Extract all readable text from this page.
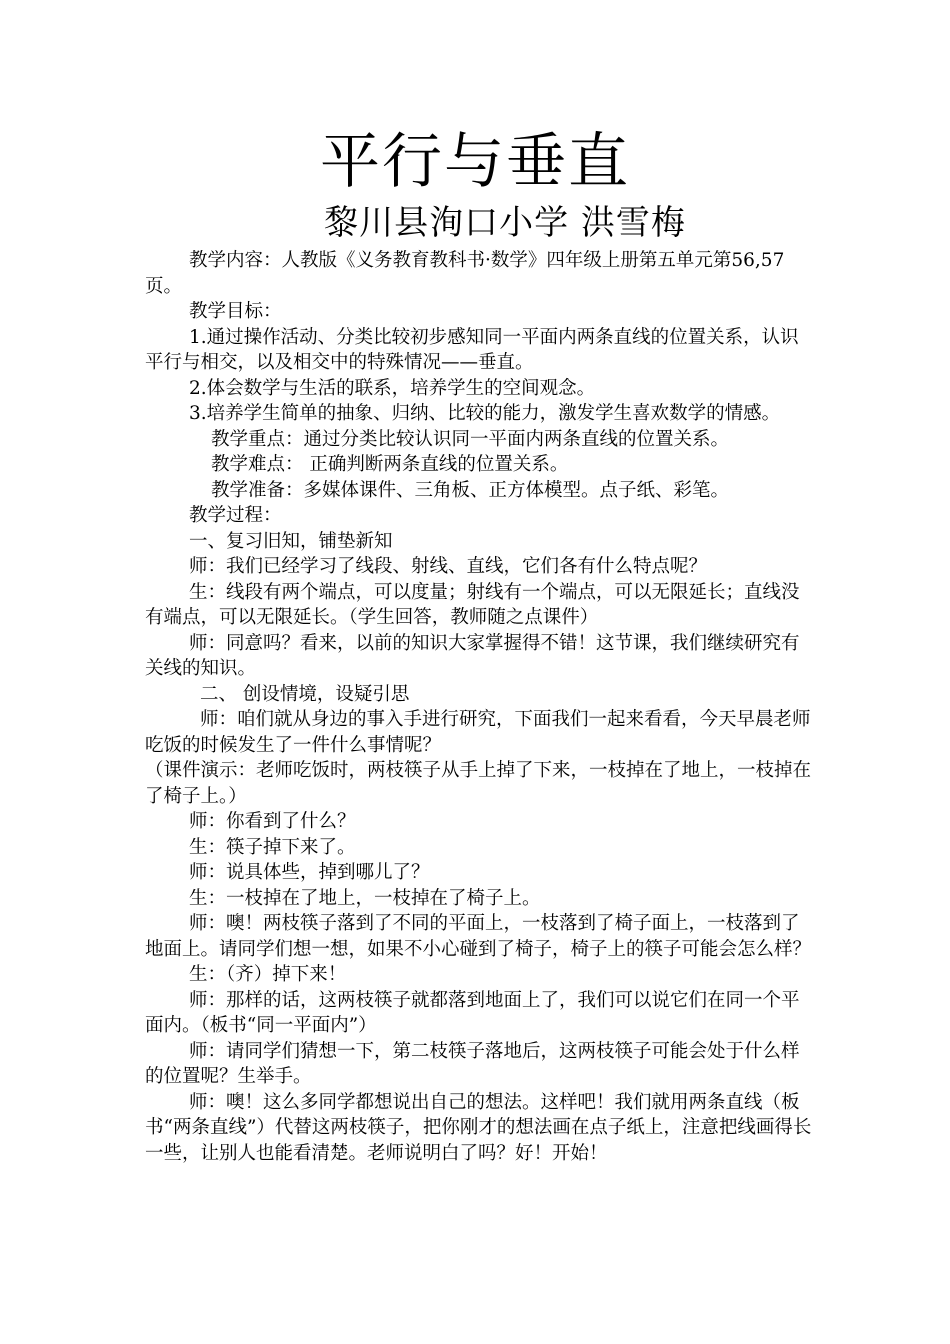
平行与垂直
黎川县洵口小学 洪雪梅

教学内容：人教版《义务教育教科书·数学》四年级上册第五单元第56,57页。

教学目标：

1.通过操作活动、分类比较初步感知同一平面内两条直线的位置关系，认识平行与相交，以及相交中的特殊情况——垂直。

2.体会数学与生活的联系，培养学生的空间观念。

3.培养学生简单的抽象、归纳、比较的能力，激发学生喜欢数学的情感。

教学重点：通过分类比较认识同一平面内两条直线的位置关系。

教学难点： 正确判断两条直线的位置关系。

教学准备：多媒体课件、三角板、正方体模型。点子纸、彩笔。

教学过程：

一、复习旧知，铺垫新知

师：我们已经学习了线段、射线、直线，它们各有什么特点呢？

生：线段有两个端点，可以度量；射线有一个端点，可以无限延长；直线没有端点，可以无限延长。（学生回答，教师随之点课件）

师：同意吗？看来，以前的知识大家掌握得不错！这节课，我们继续研究有关线的知识。

二、 创设情境，设疑引思

师：咱们就从身边的事入手进行研究，下面我们一起来看看，今天早晨老师吃饭的时候发生了一件什么事情呢？

（课件演示：老师吃饭时，两枝筷子从手上掉了下来，一枝掉在了地上，一枝掉在了椅子上。）

师：你看到了什么？

生：筷子掉下来了。

师：说具体些，掉到哪儿了？

生：一枝掉在了地上，一枝掉在了椅子上。

师：噢！两枝筷子落到了不同的平面上，一枝落到了椅子面上，一枝落到了地面上。请同学们想一想，如果不小心碰到了椅子，椅子上的筷子可能会怎么样？

生：（齐）掉下来！

师：那样的话，这两枝筷子就都落到地面上了，我们可以说它们在同一个平面内。（板书“同一平面内”）

师：请同学们猜想一下，第二枝筷子落地后，这两枝筷子可能会处于什么样的位置呢？生举手。

师：噢！这么多同学都想说出自己的想法。这样吧！我们就用两条直线（板书“两条直线”）代替这两枝筷子，把你刚才的想法画在点子纸上，注意把线画得长一些，让别人也能看清楚。老师说明白了吗？好！开始！
